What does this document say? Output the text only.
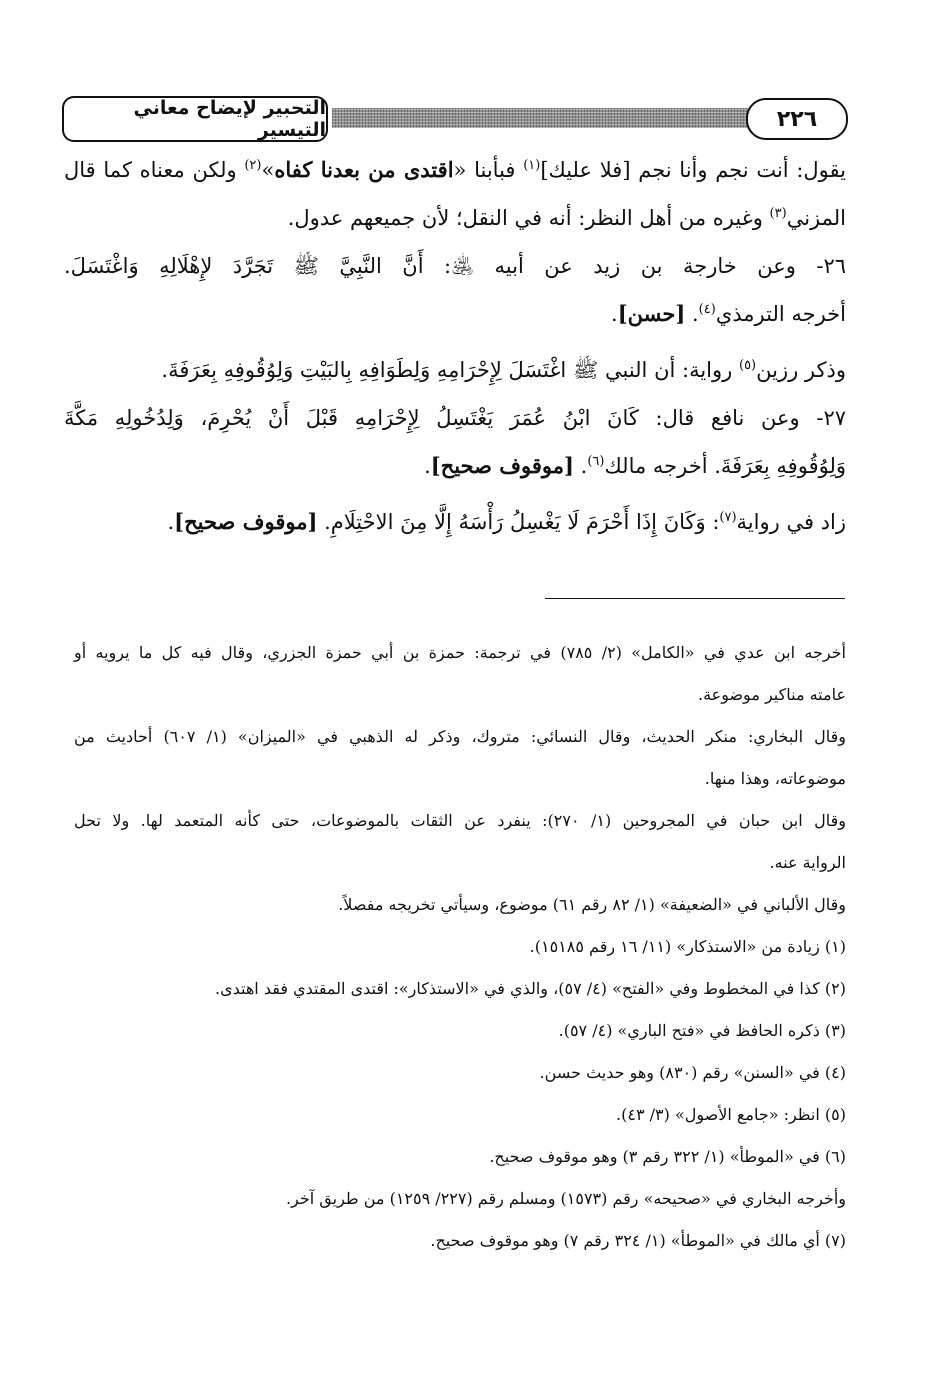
التحبير لإيضاح معاني التيسير	٢٢٦
يقول: أنت نجم وأنا نجم [فلا عليك]$^{(١)}$ فبأبنا «اقتدى من بعدنا كفاه»$^{(٢)}$ ولكن معناه كما قال
المزني$^{(٣)}$ وغيره من أهل النظر: أنه في النقل؛ لأن جميعهم عدول.
٢٦- وعن خارجة بن زيد عن أبيه ﵁: أَنَّ النَّبِيَّ ﷺ تَجَرَّدَ لإِهْلَالِهِ وَاغْتَسَلَ.
أخرجه الترمذي$^{(٤)}$. [حسن].
وذكر رزين$^{(٥)}$ رواية: أن النبي ﷺ اغْتَسَلَ لِإِحْرَامِهِ وَلِطَوَافِهِ بِالبَيْتِ وَلِوُقُوفِهِ بِعَرَفَةَ.
٢٧- وعن نافع قال: كَانَ ابْنُ عُمَرَ يَغْتَسِلُ لِإِحْرَامِهِ قَبْلَ أَنْ يُحْرِمَ، وَلِدُخُولِهِ مَكَّةَ
وَلِوُقُوفِهِ بِعَرَفَةَ. أخرجه مالك$^{(٦)}$. [موقوف صحيح].
زاد في رواية$^{(٧)}$: وَكَانَ إِذَا أَحْرَمَ لَا يَغْسِلُ رَأْسَهُ إِلَّا مِنَ الاحْتِلَامِ. [موقوف صحيح].
أخرجه ابن عدي في «الكامل» (٢/ ٧٨٥) في ترجمة: حمزة بن أبي حمزة الجزري، وقال فيه كل ما يرويه أو
عامته مناكير موضوعة.
وقال البخاري: منكر الحديث، وقال النسائي: متروك، وذكر له الذهبي في «الميزان» (١/ ٦٠٧) أحاديث من
موضوعاته، وهذا منها.
وقال ابن حبان في المجروحين (١/ ٢٧٠): ينفرد عن الثقات بالموضوعات، حتى كأنه المتعمد لها. ولا تحل
الرواية عنه.
وقال الألباني في «الضعيفة» (١/ ٨٢ رقم ٦١) موضوع، وسيأتي تخريجه مفصلاً.
(١) زيادة من «الاستذكار» (١١/ ١٦ رقم ١٥١٨٥).
(٢) كذا في المخطوط وفي «الفتح» (٤/ ٥٧)، والذي في «الاستذكار»: اقتدى المقتدي فقد اهتدى.
(٣) ذكره الحافظ في «فتح الباري» (٤/ ٥٧).
(٤) في «السنن» رقم (٨٣٠) وهو حديث حسن.
(٥) انظر: «جامع الأصول» (٣/ ٤٣).
(٦) في «الموطأ» (١/ ٣٢٢ رقم ٣) وهو موقوف صحيح.
وأخرجه البخاري في «صحيحه» رقم (١٥٧٣) ومسلم رقم (٢٢٧/ ١٢٥٩) من طريق آخر.
(٧) أي مالك في «الموطأ» (١/ ٣٢٤ رقم ٧) وهو موقوف صحيح.
